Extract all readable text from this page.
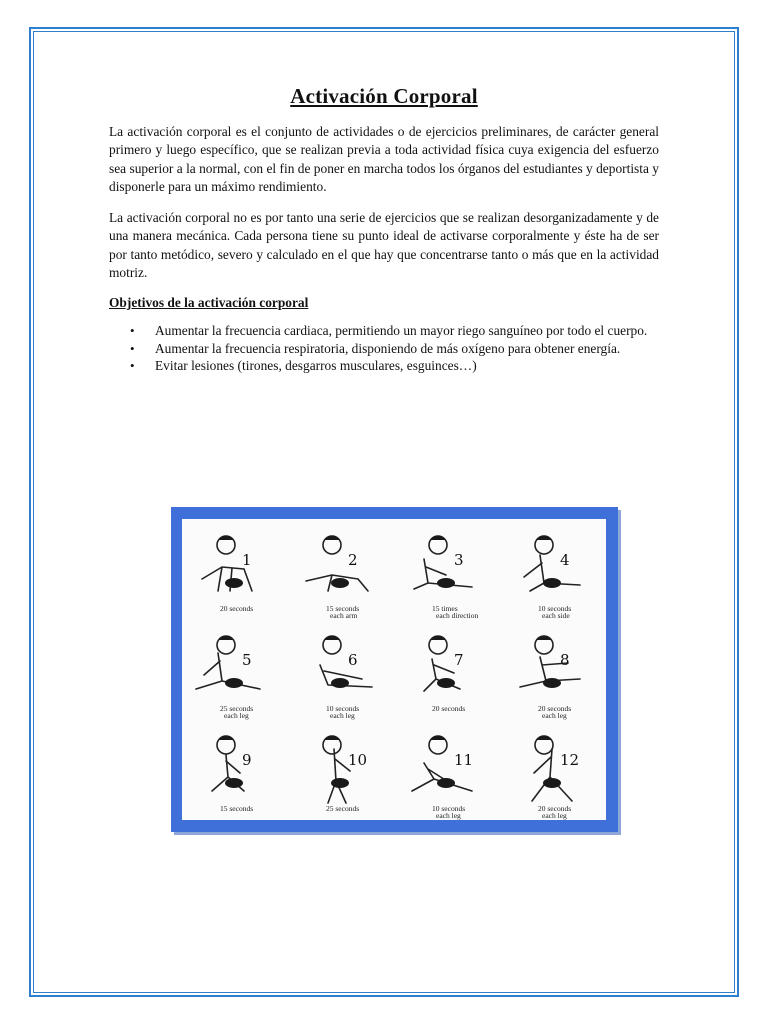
Activación Corporal

La activación corporal es el conjunto de actividades o de ejercicios preliminares, de carácter general primero y luego específico, que se realizan previa a toda actividad física cuya exigencia del esfuerzo sea superior a la normal, con el fin de poner en marcha todos los órganos del estudiantes y deportista y disponerle para un máximo rendimiento.

La activación corporal no es por tanto una serie de ejercicios que se realizan desorganizadamente y de una manera mecánica. Cada persona tiene su punto ideal de activarse corporalmente y éste ha de ser por tanto metódico, severo y calculado en el que hay que concentrarse tanto o más que en la actividad motriz.

Objetivos de la activación corporal
• Aumentar la frecuencia cardiaca, permitiendo un mayor riego sanguíneo por todo el cuerpo.
• Aumentar la frecuencia respiratoria, disponiendo de más oxígeno para obtener energía.
• Evitar lesiones (tirones, desgarros musculares, esguinces…)
1
20 seconds
2
15 seconds
each arm
3
15 times
each direction
4
10 seconds
each side
5
25 seconds
each leg
6
10 seconds
each leg
7
20 seconds
8
20 seconds
each leg
9
15 seconds
10
25 seconds
11
10 seconds
each leg
12
20 seconds
each leg
